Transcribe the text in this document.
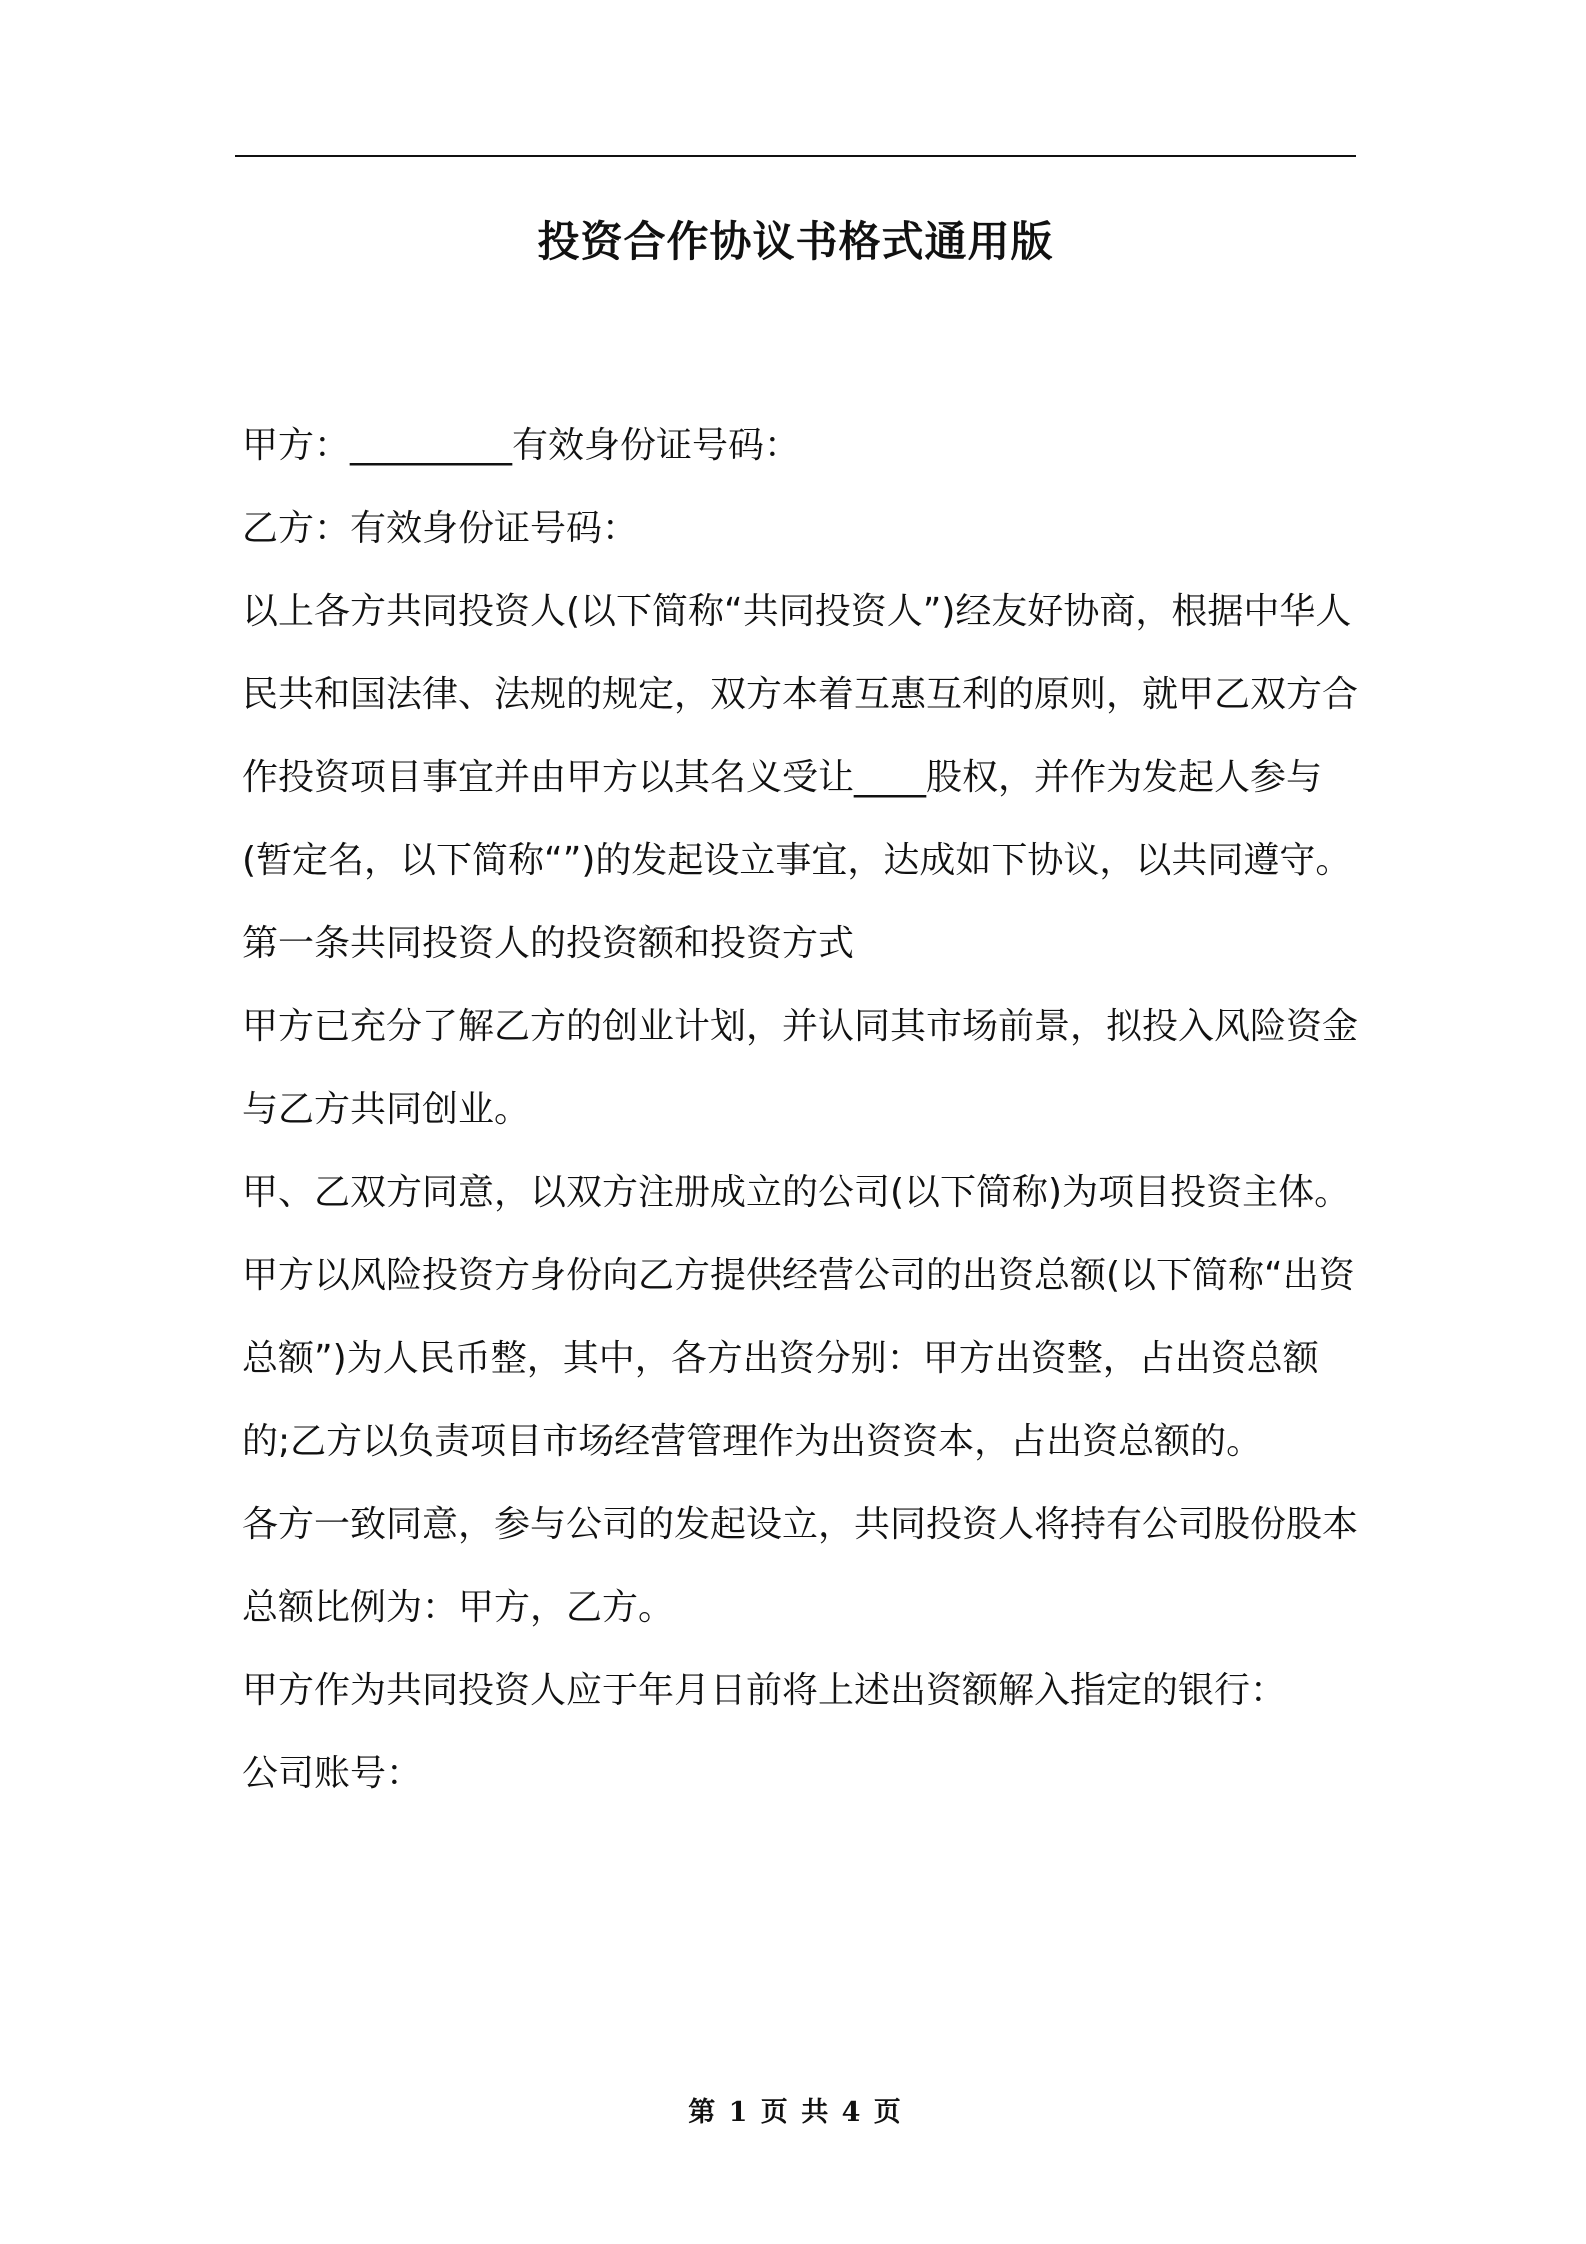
投资合作协议书格式通用版

甲方：_________有效身份证号码：

乙方：有效身份证号码：

以上各方共同投资人(以下简称“共同投资人”)经友好协商，根据中华人民共和国法律、法规的规定，双方本着互惠互利的原则，就甲乙双方合作投资项目事宜并由甲方以其名义受让____股权，并作为发起人参与(暂定名，以下简称“”)的发起设立事宜，达成如下协议，以共同遵守。

第一条共同投资人的投资额和投资方式

甲方已充分了解乙方的创业计划，并认同其市场前景，拟投入风险资金与乙方共同创业。

甲、乙双方同意，以双方注册成立的公司(以下简称)为项目投资主体。

甲方以风险投资方身份向乙方提供经营公司的出资总额(以下简称“出资总额”)为人民币整，其中，各方出资分别：甲方出资整，占出资总额的;乙方以负责项目市场经营管理作为出资资本，占出资总额的。

各方一致同意，参与公司的发起设立，共同投资人将持有公司股份股本总额比例为：甲方，乙方。

甲方作为共同投资人应于年月日前将上述出资额解入指定的银行：

公司账号：

第 1 页 共 4 页
